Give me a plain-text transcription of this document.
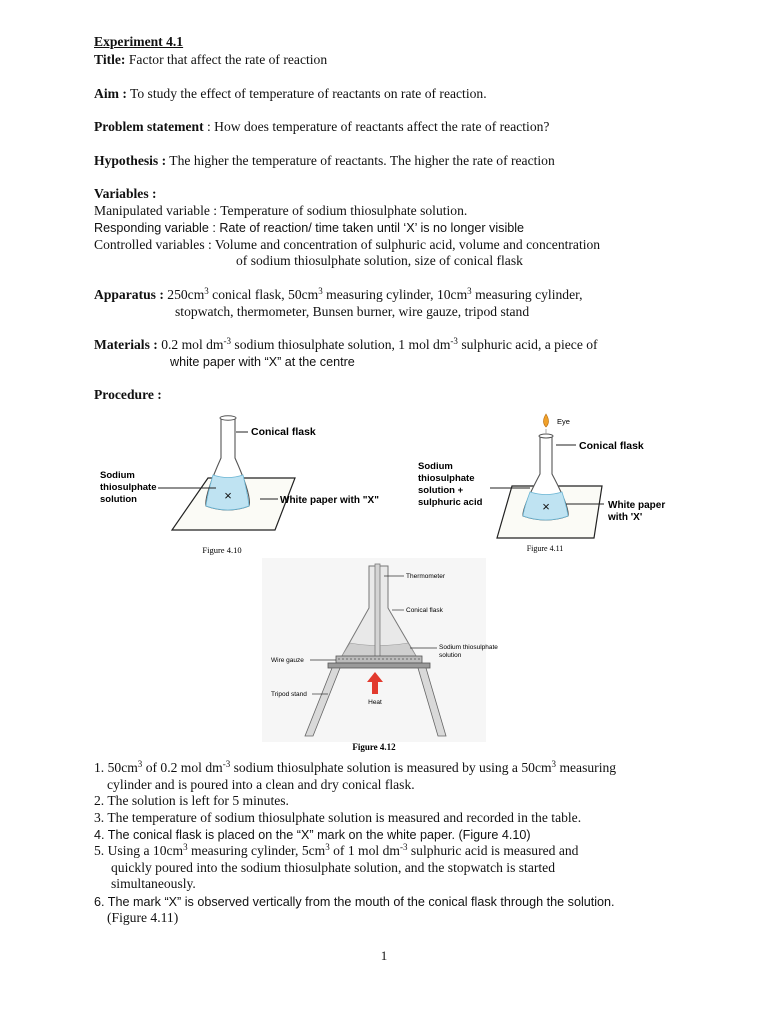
Experiment 4.1
Title: Factor that affect the rate of reaction
Aim : To study the effect of temperature of reactants on rate of reaction.
Problem statement : How does temperature of reactants affect the rate of reaction?
Hypothesis : The higher the temperature of reactants. The higher the rate of reaction
Variables :
Manipulated variable : Temperature of sodium thiosulphate solution.
Responding variable : Rate of reaction/ time taken until ‘X’ is no longer visible
Controlled variables : Volume and concentration of sulphuric acid, volume and concentration
of sodium thiosulphate solution, size of conical flask
Apparatus : $250cm^3$ conical flask, $50cm^3$ measuring cylinder, $10cm^3$ measuring cylinder,
stopwatch, thermometer, Bunsen burner, wire gauze, tripod stand
Materials : 0.2 mol $dm^{-3}$ sodium thiosulphate solution, 1 mol $dm^{-3}$ sulphuric acid, a piece of
white paper with “X” at the centre
Procedure :
×
Conical flask
Sodium
thiosulphate
solution	White paper with "X"
Figure 4.10
×
Eye
Conical flask
Sodium
thiosulphate
solution +
sulphuric acid	White paper
with 'X'
Figure 4.11
Heat
Thermometer
Conical flask
Sodium thiosulphate
solution
Wire gauze
Tripod stand
Figure 4.12
1. $50cm^3$ of 0.2 mol $dm^{-3}$ sodium thiosulphate solution is measured by using a $50cm^3$ measuring
cylinder and is poured into a clean and dry conical flask.
2. The solution is left for 5 minutes.
3. The temperature of sodium thiosulphate solution is measured and recorded in the table.
4. The conical flask is placed on the “X” mark on the white paper. (Figure 4.10)
5. Using a $10cm^3$ measuring cylinder, $5cm^3$ of 1 mol $dm^{-3}$ sulphuric acid is measured and
quickly poured into the sodium thiosulphate solution, and the stopwatch is started
simultaneously.
6. The mark “X” is observed vertically from the mouth of the conical flask through the solution.
(Figure 4.11)
1
